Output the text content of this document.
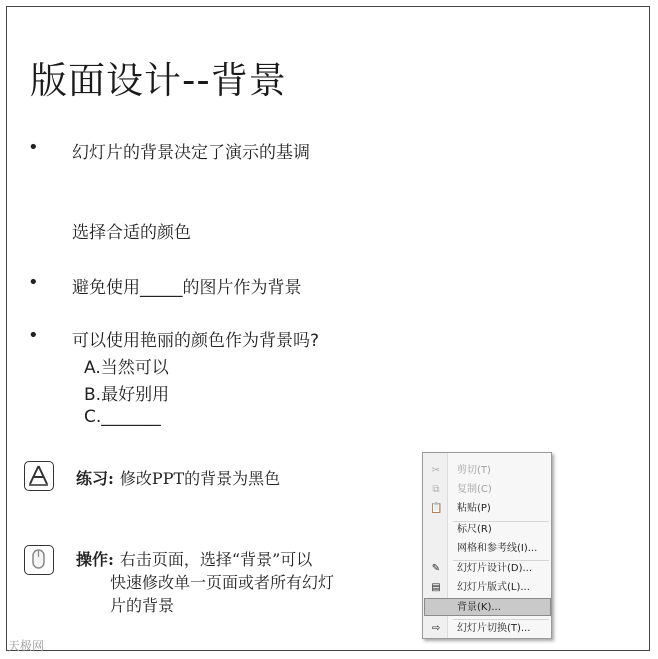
版面设计--背景
• 幻灯片的背景决定了演示的基调
选择合适的颜色
• 避免使用_____的图片作为背景
• 可以使用艳丽的颜色作为背景吗?
A.当然可以
B.最好别用
C._______
练习: 修改PPT的背景为黑色
操作: 右击页面，选择“背景”可以
快速修改单一页面或者所有幻灯
片的背景
✂ 剪切(T)
⧉ 复制(C)
📋 粘贴(P)
标尺(R)
网格和参考线(I)...
✎ 幻灯片设计(D)...
▤ 幻灯片版式(L)...
背景(K)...
⇨ 幻灯片切换(T)...
天极网
